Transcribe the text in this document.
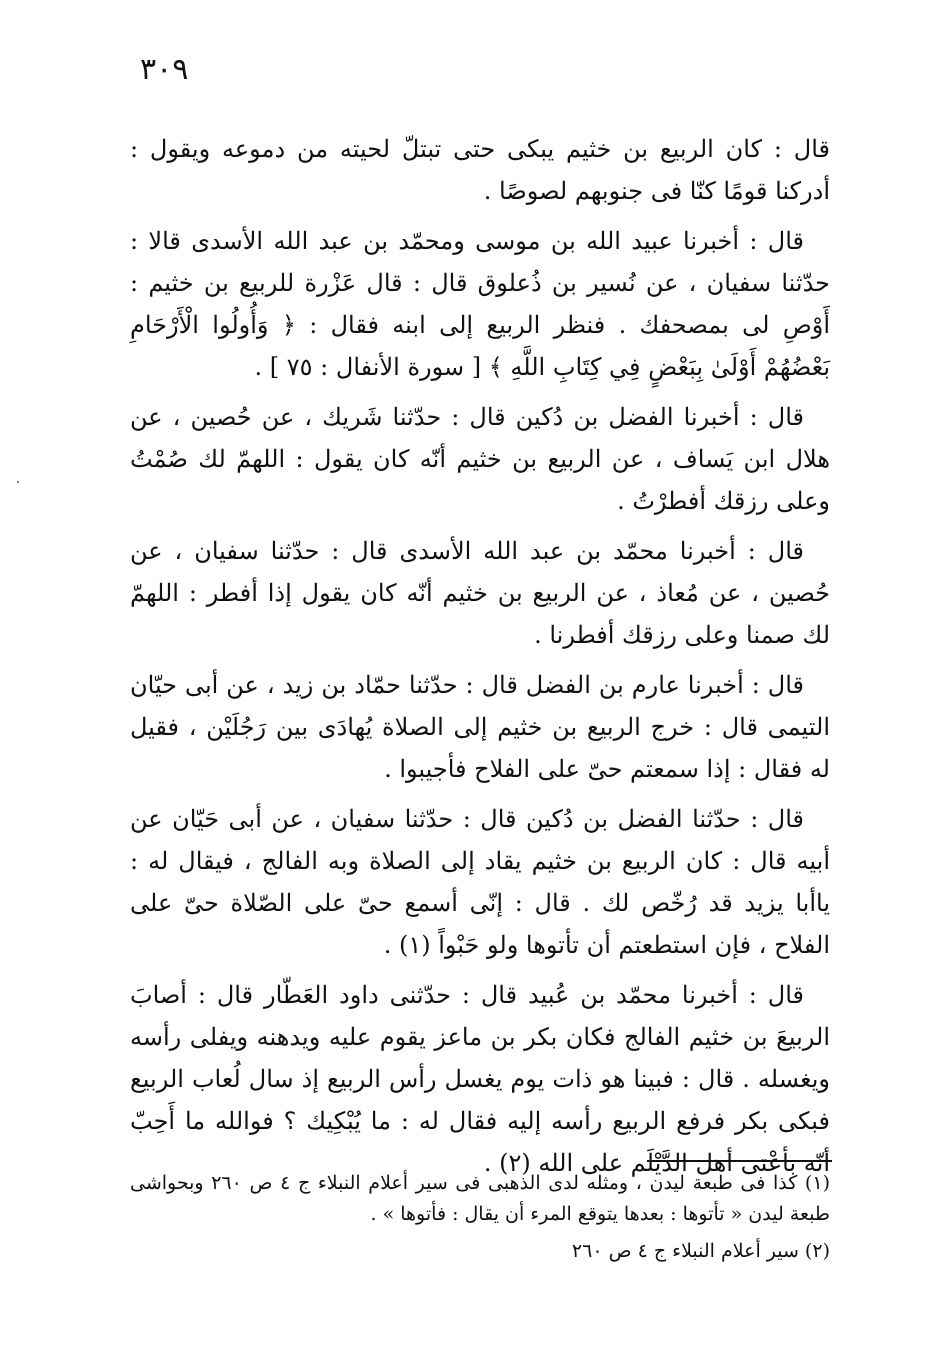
٣٠٩

قال : كان الربيع بن خثيم يبكى حتى تبتلّ لحيته من دموعه ويقول : أدركنا قومًا كنّا فى جنوبهم لصوصًا .

قال : أخبرنا عبيد الله بن موسى ومحمّد بن عبد الله الأسدى قالا : حدّثنا سفيان ، عن نُسير بن ذُعلوق قال : قال عَزْرة للربيع بن خثيم : أَوْصِ لى بمصحفك . فنظر الربيع إلى ابنه فقال : ﴿ وَأُولُوا الْأَرْحَامِ بَعْضُهُمْ أَوْلَىٰ بِبَعْضٍ فِي كِتَابِ اللَّهِ ﴾ [ سورة الأنفال : ٧٥ ] .

قال : أخبرنا الفضل بن دُكين قال : حدّثنا شَريك ، عن حُصين ، عن هلال ابن يَساف ، عن الربيع بن خثيم أنّه كان يقول : اللهمّ لك صُمْتُ وعلى رزقك أفطرْتُ .

قال : أخبرنا محمّد بن عبد الله الأسدى قال : حدّثنا سفيان ، عن حُصين ، عن مُعاذ ، عن الربيع بن خثيم أنّه كان يقول إذا أفطر : اللهمّ لك صمنا وعلى رزقك أفطرنا .

قال : أخبرنا عارم بن الفضل قال : حدّثنا حمّاد بن زيد ، عن أبى حيّان التيمى قال : خرج الربيع بن خثيم إلى الصلاة يُهادَى بين رَجُلَيْن ، فقيل له فقال : إذا سمعتم حىّ على الفلاح فأجيبوا .

قال : حدّثنا الفضل بن دُكين قال : حدّثنا سفيان ، عن أبى حَيّان عن أبيه قال : كان الربيع بن خثيم يقاد إلى الصلاة وبه الفالج ، فيقال له : ياأبا يزيد قد رُخّص لك . قال : إنّى أسمع حىّ على الصّلاة حىّ على الفلاح ، فإن استطعتم أن تأتوها ولو حَبْواً (١) .

قال : أخبرنا محمّد بن عُبيد قال : حدّثنى داود العَطّار قال : أصابَ الربيعَ بن خثيم الفالج فكان بكر بن ماعز يقوم عليه ويدهنه ويفلى رأسه ويغسله . قال : فبينا هو ذات يوم يغسل رأس الربيع إذ سال لُعاب الربيع فبكى بكر فرفع الربيع رأسه إليه فقال له : ما يُبْكِيك ؟ فوالله ما أَحِبّ أنّه بأعْتى أهل الدَّيْلَم على الله (٢) .

(١) كذا فى طبعة ليدن ، ومثله لدى الذهبى فى سير أعلام النبلاء ج ٤ ص ٢٦٠ وبحواشى طبعة ليدن « تأتوها : بعدها يتوقع المرء أن يقال : فأتوها » .

(٢) سير أعلام النبلاء ج ٤ ص ٢٦٠
